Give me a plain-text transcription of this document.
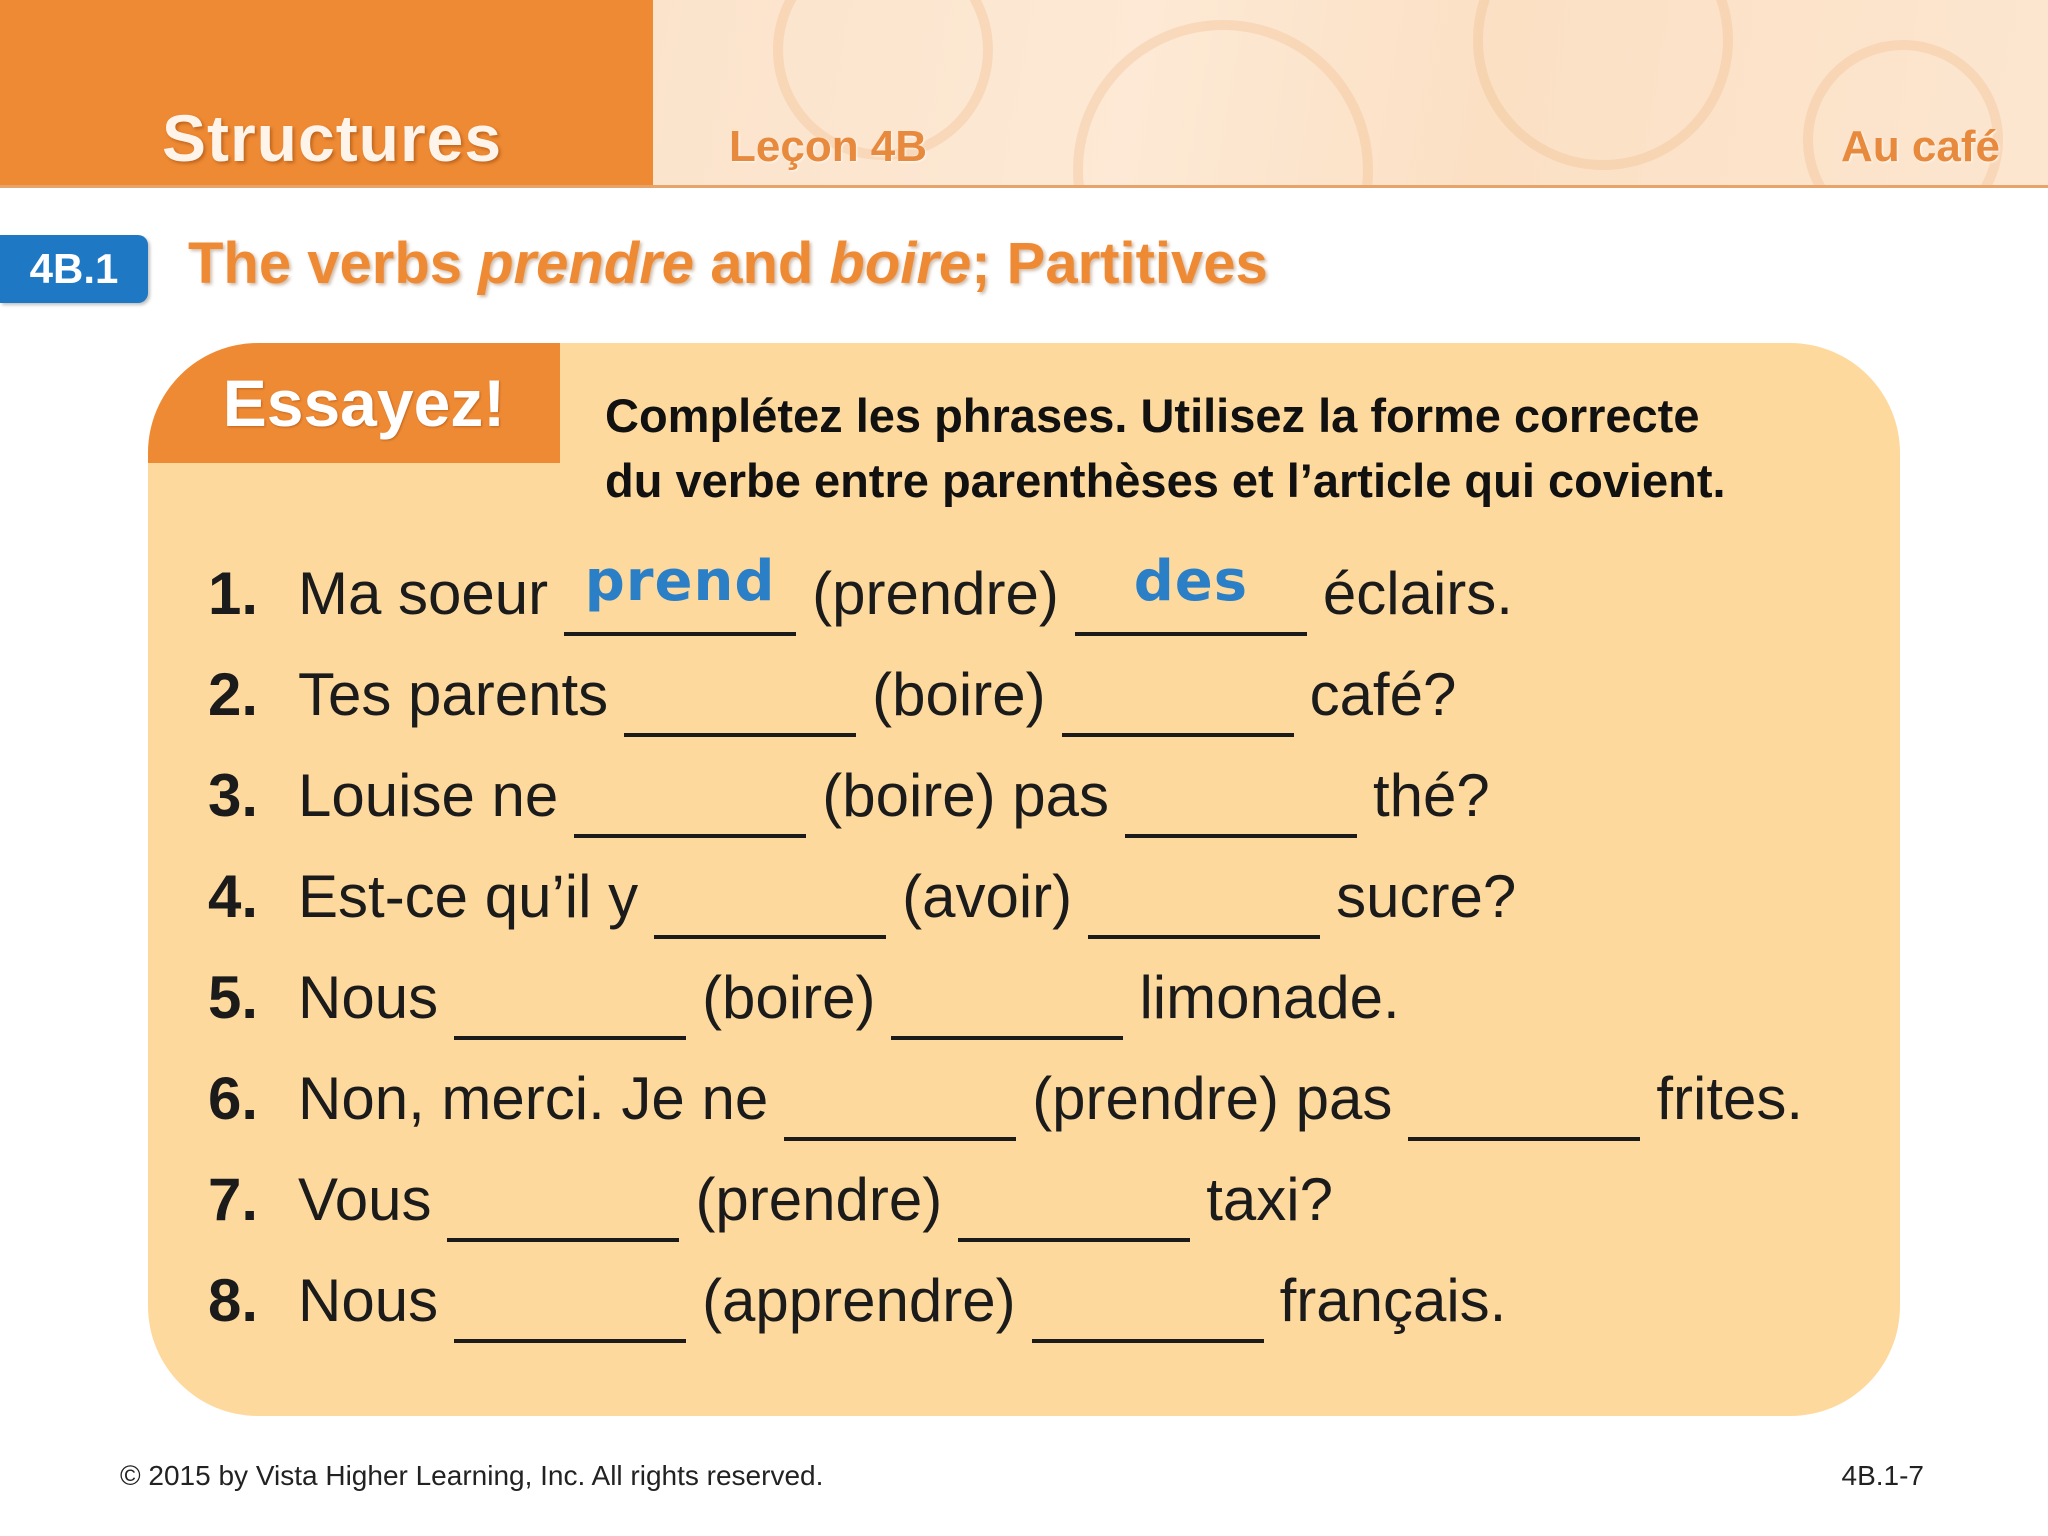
Structures	Leçon 4B	Au café
4B.1	The verbs prendre and boire; Partitives
Essayez!	Complétez les phrases. Utilisez la forme correcte
du verbe entre parenthèses et l’article qui covient.
1. Ma soeur prend (prendre)	des	éclairs.
2. Tes parents	(boire)	café?
3. Louise ne	(boire) pas	thé?
4. Est-ce qu’il y	(avoir)	sucre?
5. Nous	(boire)	limonade.
6. Non, merci. Je ne	(prendre) pas	frites.
7. Vous	(prendre)	taxi?
8. Nous	(apprendre)	français.
© 2015 by Vista Higher Learning, Inc. All rights reserved.	4B.1-7
